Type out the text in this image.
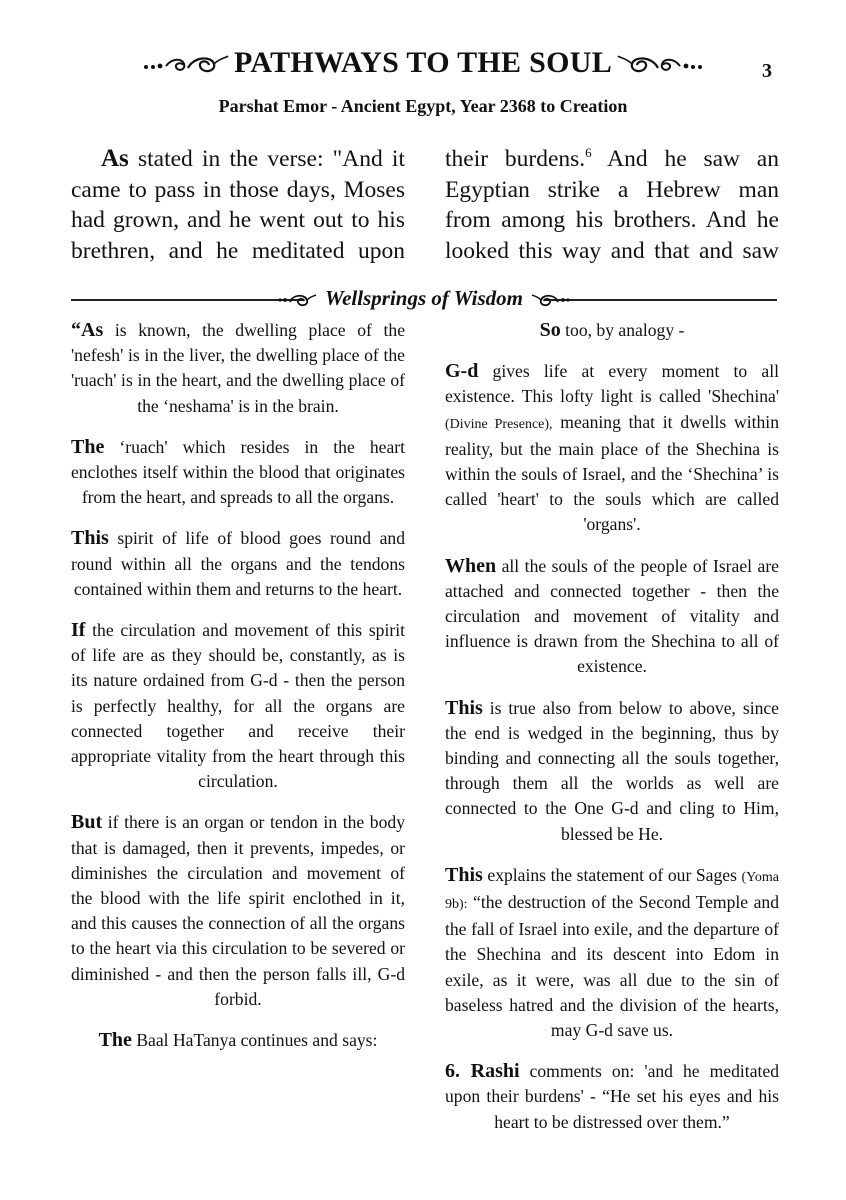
PATHWAYS TO THE SOUL	3
Parshat Emor - Ancient Egypt, Year 2368 to Creation
As stated in the verse: "And it came to pass in those days, Moses had grown, and he went out to his brethren, and he meditated upon
their burdens.$^6$ And he saw an Egyptian strike a Hebrew man from among his brothers. And he looked this way and that and saw
Wellsprings of Wisdom

“As is known, the dwelling place of the 'nefesh' is in the liver, the dwelling place of the 'ruach' is in the heart, and the dwelling place of the ‘neshama' is in the brain.

The ‘ruach' which resides in the heart enclothes itself within the blood that originates from the heart, and spreads to all the organs.

This spirit of life of blood goes round and round within all the organs and the tendons contained within them and returns to the heart.

If the circulation and movement of this spirit of life are as they should be, constantly, as is its nature ordained from G-d - then the person is perfectly healthy, for all the organs are connected together and receive their appropriate vitality from the heart through this circulation.

But if there is an organ or tendon in the body that is damaged, then it prevents, impedes, or diminishes the circulation and movement of the blood with the life spirit enclothed in it, and this causes the connection of all the organs to the heart via this circulation to be severed or diminished - and then the person falls ill, G-d forbid.

The Baal HaTanya continues and says:

So too, by analogy -

G-d gives life at every moment to all existence. This lofty light is called 'Shechina' (Divine Presence), meaning that it dwells within reality, but the main place of the Shechina is within the souls of Israel, and the ‘Shechina’ is called 'heart' to the souls which are called 'organs'.

When all the souls of the people of Israel are attached and connected together - then the circulation and movement of vitality and influence is drawn from the Shechina to all of existence.

This is true also from below to above, since the end is wedged in the beginning, thus by binding and connecting all the souls together, through them all the worlds as well are connected to the One G-d and cling to Him, blessed be He.

This explains the statement of our Sages (Yoma 9b): “the destruction of the Second Temple and the fall of Israel into exile, and the departure of the Shechina and its descent into Edom in exile, as it were, was all due to the sin of baseless hatred and the division of the hearts, may G-d save us.

6. Rashi comments on: 'and he meditated upon their burdens' - “He set his eyes and his heart to be distressed over them.”
